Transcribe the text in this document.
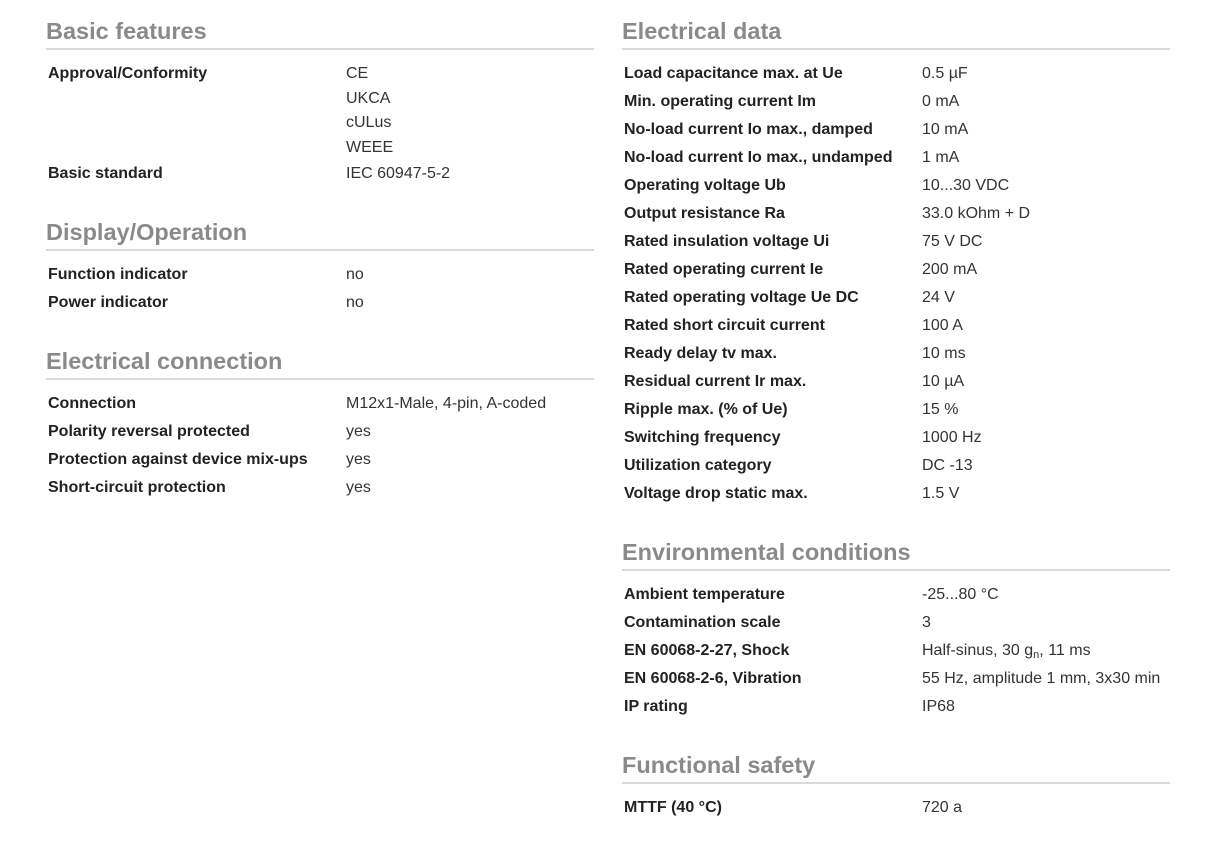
Basic features
Approval/Conformity	CE
UKCA
cULus
WEEE
Basic standard	IEC 60947-5-2
Display/Operation
Function indicator	no
Power indicator	no
Electrical connection
Connection	M12x1-Male, 4-pin, A-coded
Polarity reversal protected	yes
Protection against device mix-ups	yes
Short-circuit protection	yes
Electrical data
Load capacitance max. at Ue	0.5 µF
Min. operating current Im	0 mA
No-load current Io max., damped	10 mA
No-load current Io max., undamped	1 mA
Operating voltage Ub	10...30 VDC
Output resistance Ra	33.0 kOhm + D
Rated insulation voltage Ui	75 V DC
Rated operating current Ie	200 mA
Rated operating voltage Ue DC	24 V
Rated short circuit current	100 A
Ready delay tv max.	10 ms
Residual current Ir max.	10 µA
Ripple max. (% of Ue)	15 %
Switching frequency	1000 Hz
Utilization category	DC -13
Voltage drop static max.	1.5 V
Environmental conditions
Ambient temperature	-25...80 °C
Contamination scale	3
EN 60068-2-27, Shock	Half-sinus, 30 $g_n$, 11 ms
EN 60068-2-6, Vibration	55 Hz, amplitude 1 mm, 3x30 min
IP rating	IP68
Functional safety
MTTF (40 °C)	720 a
